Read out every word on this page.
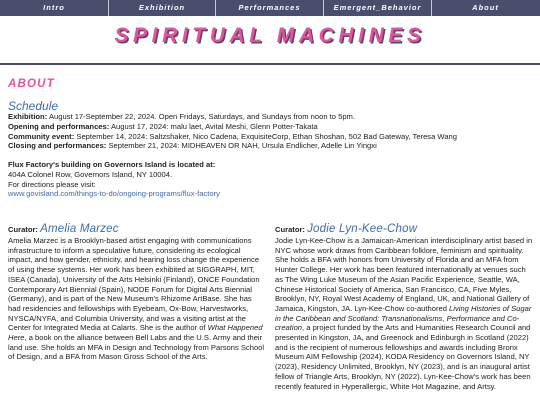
Intro	Exhibition	Performances	Emergent_Behavior	About
SPIRITUAL MACHINES
ABOUT
Schedule
Exhibition: August 17-September 22, 2024. Open Fridays, Saturdays, and Sundays from noon to 5pm.
Opening and performances: August 17, 2024: malu laet, Avital Meshi, Glenn Potter-Takata
Community event: September 14, 2024: Saltzshaker, Nico Cadena, ExquisiteCorp, Ethan Shoshan, 502 Bad Gateway, Teresa Wang
Closing and performances: September 21, 2024: MIDHEAVEN OR NAH, Ursula Endlicher, Adelle Lin Yingxi
Flux Factory's building on Governors Island is located at:
404A Colonel Row, Governors Island, NY 10004.
For directions please visit:
www.govisland.com/things-to-do/ongoing-programs/flux-factory
Curator: Amelia Marzec

Amelia Marzec is a Brooklyn-based artist engaging with communications infrastructure to inform a speculative future, considering its ecological impact, and how gender, ethnicity, and hearing loss change the experience of using these systems. Her work has been exhibited at SIGGRAPH, MIT, ISEA (Canada), University of the Arts Helsinki (Finland), ONCE Foundation Contemporary Art Biennial (Spain), NODE Forum for Digital Arts Biennial (Germany), and is part of the New Museum's Rhizome ArtBase. She has had residencies and fellowships with Eyebeam, Ox-Bow, Harvestworks, NYSCA/NYFA, and Columbia University, and was a visiting artist at the Center for Integrated Media at Calarts. She is the author of What Happened Here, a book on the alliance between Bell Labs and the U.S. Army and their land use. She holds an MFA in Design and Technology from Parsons School of Design, and a BFA from Mason Gross School of the Arts.

Curator: Jodie Lyn-Kee-Chow

Jodie Lyn-Kee-Chow is a Jamaican-American interdisciplinary artist based in NYC whose work draws from Caribbean folklore, feminism and spirituality. She holds a BFA with honors from University of Florida and an MFA from Hunter College. Her work has been featured internationally at venues such as The Wing Luke Museum of the Asian Pacific Experience, Seattle, WA, Chinese Historical Society of America, San Francisco, CA, Five Myles, Brooklyn, NY, Royal West Academy of England, UK, and National Gallery of Jamaica, Kingston, JA. Lyn-Kee-Chow co-authored Living Histories of Sugar in the Caribbean and Scotland: Transnationalisms, Performance and Co-creation, a project funded by the Arts and Humanities Research Council and presented in Kingston, JA, and Greenock and Edinburgh in Scotland (2022) and is the recipient of numerous fellowships and awards including Bronx Museum AIM Fellowship (2024), KODA Residency on Governors Island, NY (2023), Residency Unlimited, Brooklyn, NY (2023), and is an inaugural artist fellow of Triangle Arts, Brooklyn, NY (2022). Lyn-Kee-Chow's work has been recently featured in Hyperallergic, White Hot Magazine, and Artsy.
